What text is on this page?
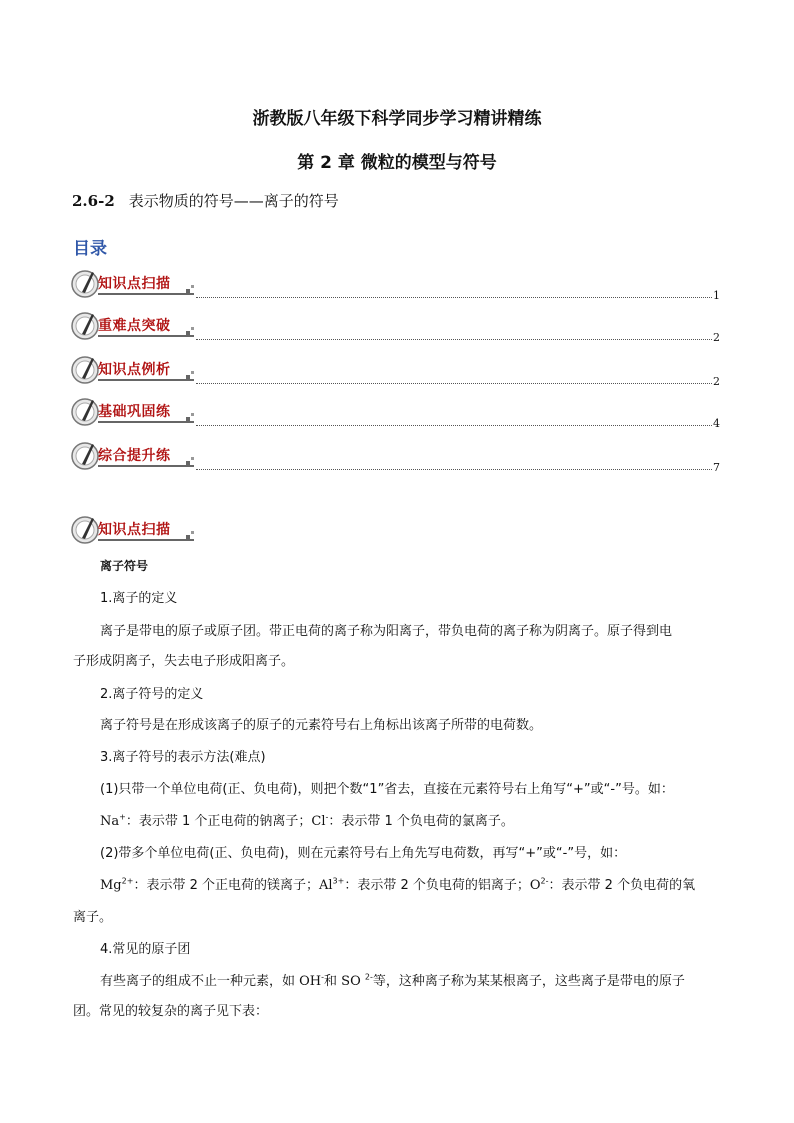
浙教版八年级下科学同步学习精讲精练
第 2 章 微粒的模型与符号
2.6-2 表示物质的符号——离子的符号
目录
知识点扫描
1
重难点突破
2
知识点例析
2
基础巩固练
4
综合提升练
7
知识点扫描
离子符号
1.离子的定义
离子是带电的原子或原子团。带正电荷的离子称为阳离子，带负电荷的离子称为阴离子。原子得到电
子形成阴离子，失去电子形成阳离子。
2.离子符号的定义
离子符号是在形成该离子的原子的元素符号右上角标出该离子所带的电荷数。
3.离子符号的表示方法(难点)
(1)只带一个单位电荷(正、负电荷)，则把个数“1”省去，直接在元素符号右上角写“+”或“-”号。如：
Na+：表示带 1 个正电荷的钠离子；Cl-：表示带 1 个负电荷的氯离子。
(2)带多个单位电荷(正、负电荷)，则在元素符号右上角先写电荷数，再写“+”或“-”号，如：
$Mg^{2+}$：表示带 2 个正电荷的镁离子；$Al^{3+}$：表示带 2 个负电荷的铝离子；$O^{2-}$：表示带 2 个负电荷的氧
离子。
4.常见的原子团
有些离子的组成不止一种元素，如 OH-和 SO $^{2-}$等，这种离子称为某某根离子，这些离子是带电的原子
团。常见的较复杂的离子见下表：
